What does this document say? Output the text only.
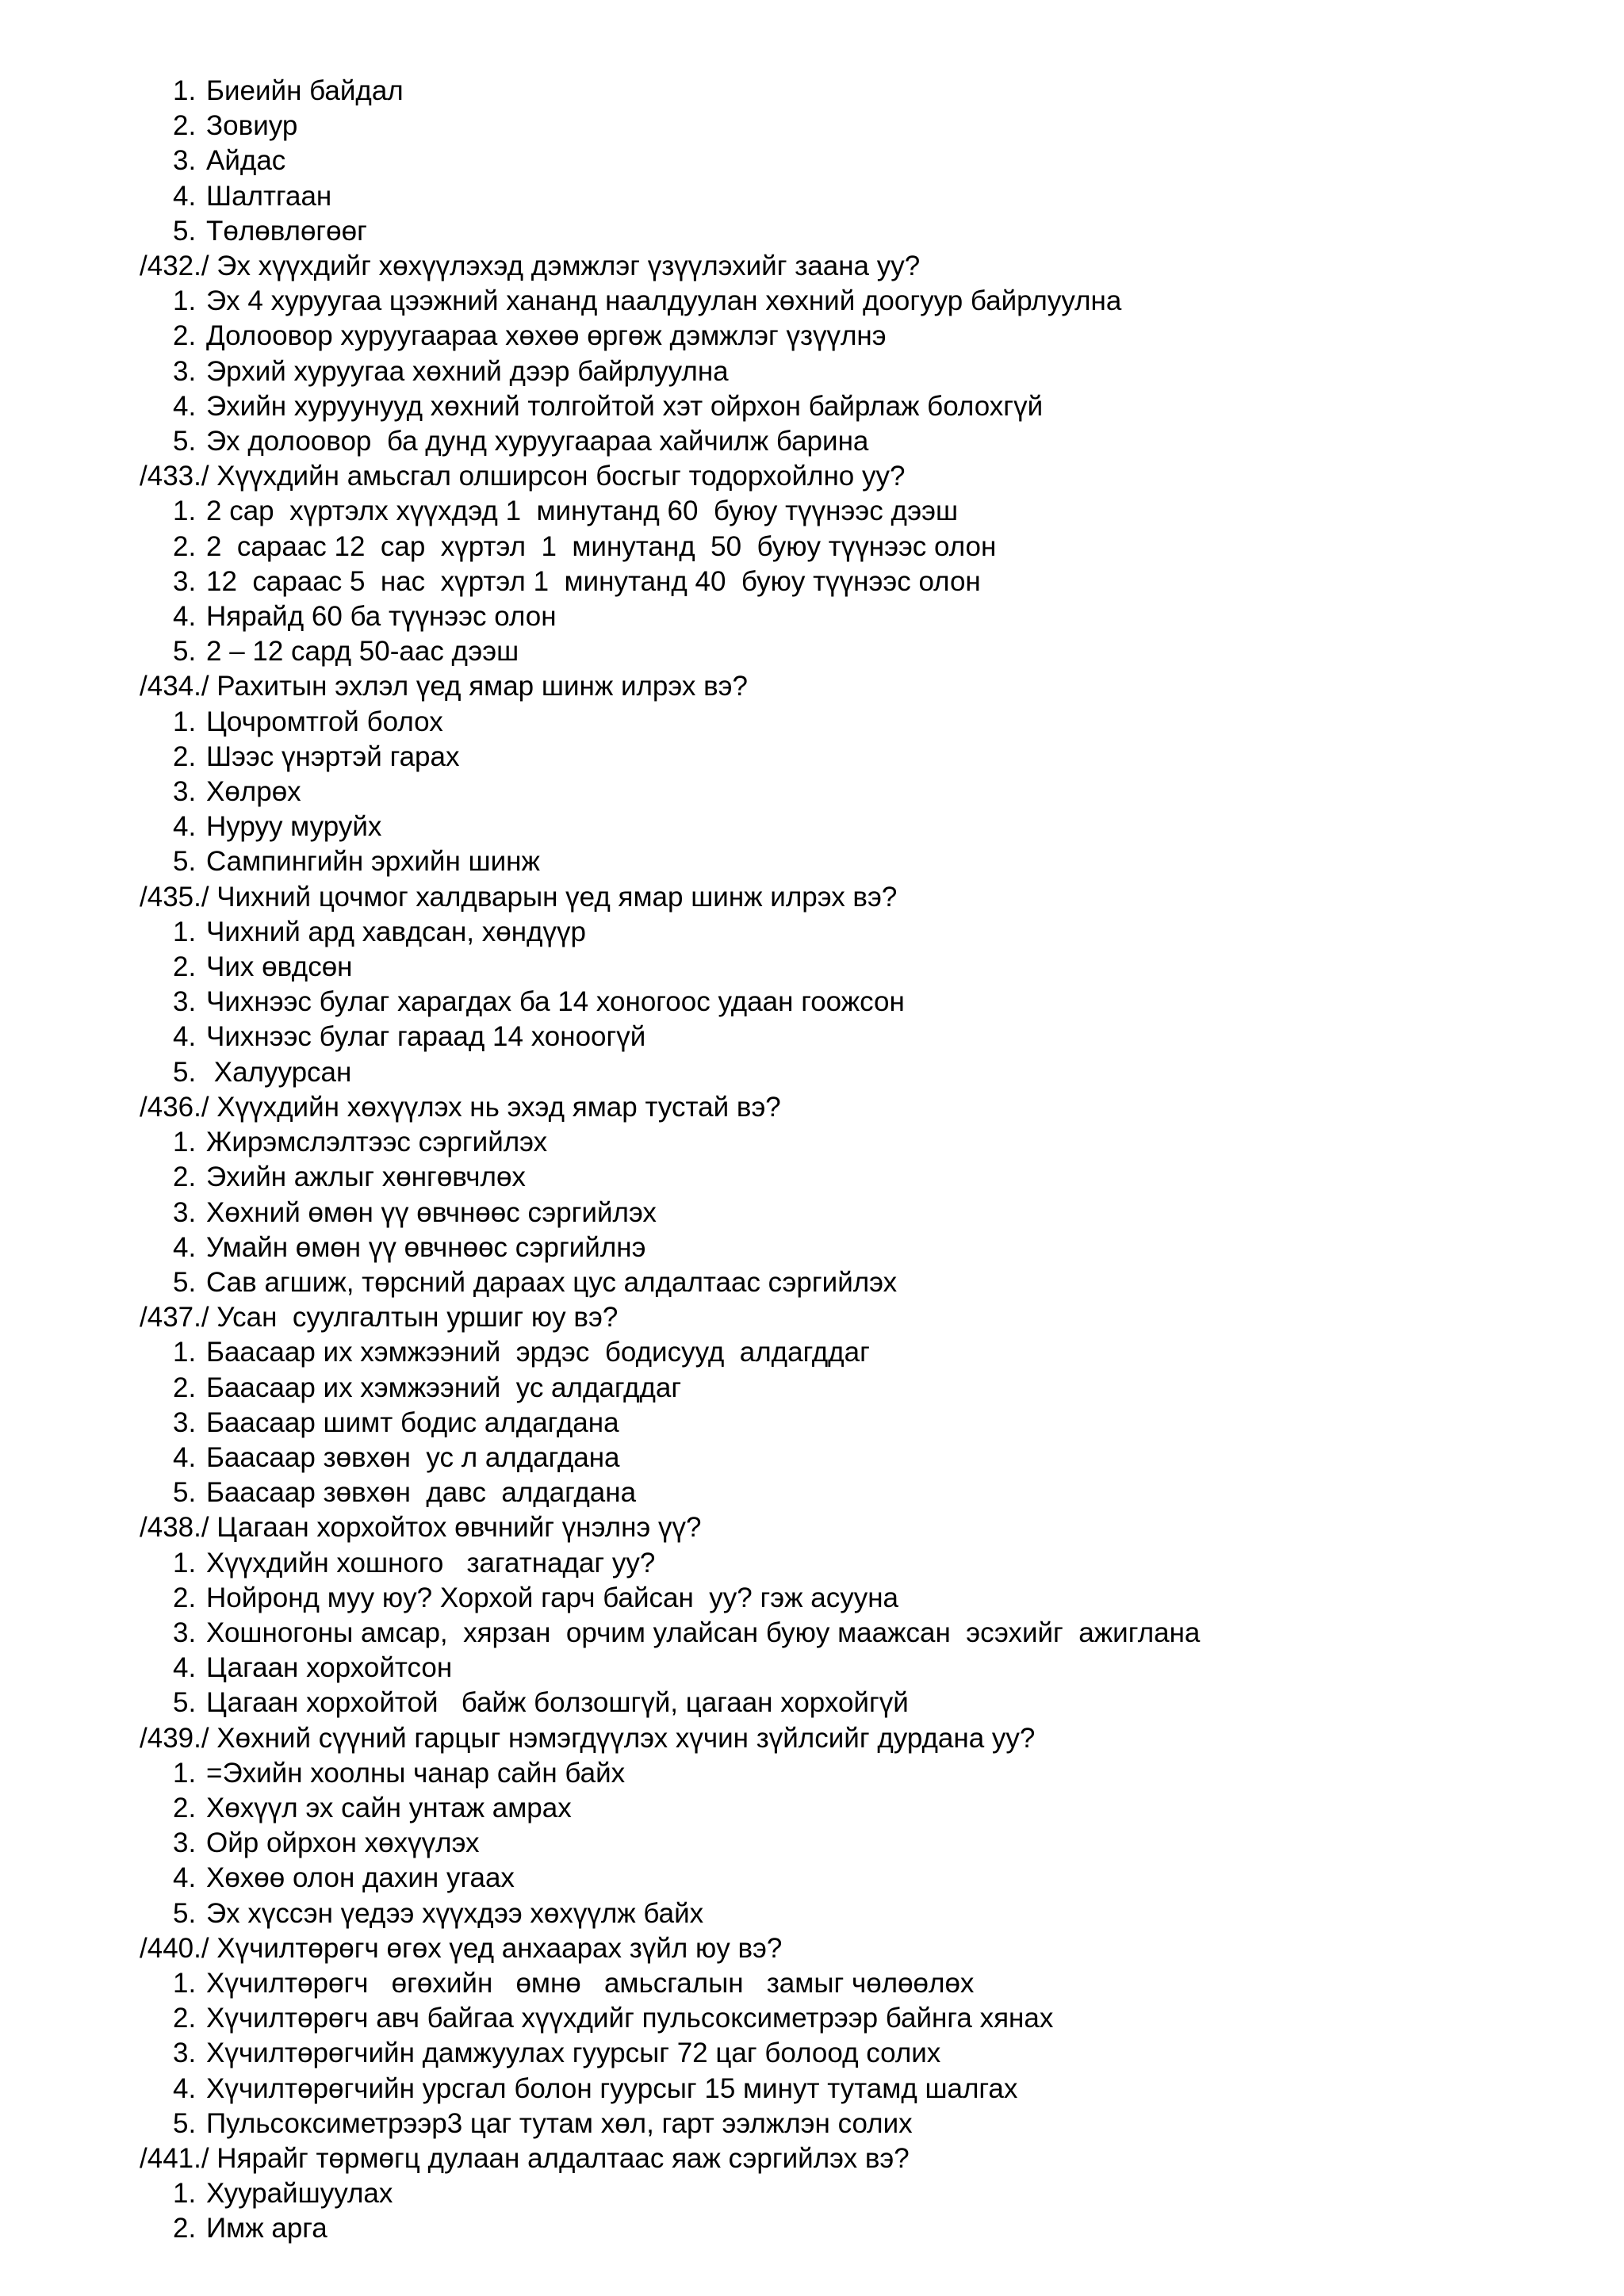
1. Биеийн байдал
2. Зовиур
3. Айдас
4. Шалтгаан
5. Төлөвлөгөөг
/432./ Эх хүүхдийг хөхүүлэхэд дэмжлэг үзүүлэхийг заана уу?
1. Эх 4 хуруугаа цээжний хананд наалдуулан хөхний доогуур байрлуулна
2. Долоовор хуруугаараа хөхөө өргөж дэмжлэг үзүүлнэ
3. Эрхий хуруугаа хөхний дээр байрлуулна
4. Эхийн хуруунууд хөхний толгойтой хэт ойрхон байрлаж болохгүй
5. Эх долоовор  ба дунд хуруугаараа хайчилж барина
/433./ Хүүхдийн амьсгал олширсон босгыг тодорхойлно уу?
1. 2 сар  хүртэлх хүүхдэд 1  минутанд 60  буюу түүнээс дээш
2. 2  сараас 12  сар  хүртэл  1  минутанд  50  буюу түүнээс олон
3. 12  сараас 5  нас  хүртэл 1  минутанд 40  буюу түүнээс олон
4. Нярайд 60 ба түүнээс олон
5. 2 – 12 сард 50-аас дээш
/434./ Рахитын эхлэл үед ямар шинж илрэх вэ?
1. Цочромтгой болох
2. Шээс үнэртэй гарах
3. Хөлрөх
4. Нуруу муруйх
5. Сампингийн эрхийн шинж
/435./ Чихний цочмог халдварын үед ямар шинж илрэх вэ?
1. Чихний ард хавдсан, хөндүүр
2. Чих өвдсөн
3. Чихнээс булаг харагдах ба 14 хоногоос удаан гоожсон
4. Чихнээс булаг гараад 14 хоноогүй
5. Халуурсан
/436./ Хүүхдийн хөхүүлэх нь эхэд ямар тустай вэ?
1. Жирэмслэлтээс сэргийлэх
2. Эхийн ажлыг хөнгөвчлөх
3. Хөхний өмөн үү өвчнөөс сэргийлэх
4. Умайн өмөн үү өвчнөөс сэргийлнэ
5. Сав агшиж, төрсний дараах цус алдалтаас сэргийлэх
/437./ Усан  суулгалтын уршиг юу вэ?
1. Баасаар их хэмжээний  эрдэс  бодисууд  алдагддаг
2. Баасаар их хэмжээний  ус алдагддаг
3. Баасаар шимт бодис алдагдана
4. Баасаар зөвхөн  ус л алдагдана
5. Баасаар зөвхөн  давс  алдагдана
/438./ Цагаан хорхойтох өвчнийг үнэлнэ үү?
1. Хүүхдийн хошного   загатнадаг уу?
2. Нойронд муу юу? Хорхой гарч байсан  уу? гэж асууна
3. Хошногоны амсар,  хярзан  орчим улайсан буюу маажсан  эсэхийг  ажиглана
4. Цагаан хорхойтсон
5. Цагаан хорхойтой   байж болзошгүй, цагаан хорхойгүй
/439./ Хөхний сүүний гарцыг нэмэгдүүлэх хүчин зүйлсийг дурдана уу?
1. =Эхийн хоолны чанар сайн байх
2. Хөхүүл эх сайн унтаж амрах
3. Ойр ойрхон хөхүүлэх
4. Хөхөө олон дахин угаах
5. Эх хүссэн үедээ хүүхдээ хөхүүлж байх
/440./ Хүчилтөрөгч өгөх үед анхаарах зүйл юу вэ?
1. Хүчилтөрөгч   өгөхийн   өмнө   амьсгалын   замыг чөлөөлөх
2. Хүчилтөрөгч авч байгаа хүүхдийг пульсоксиметрээр байнга хянах
3. Хүчилтөрөгчийн дамжуулах гуурсыг 72 цаг болоод солих
4. Хүчилтөрөгчийн урсгал болон гуурсыг 15 минут тутамд шалгах
5. Пульсоксиметрээр3 цаг тутам хөл, гарт ээлжлэн солих
/441./ Нярайг төрмөгц дулаан алдалтаас яаж сэргийлэх вэ?
1. Хуурайшуулах
2. Имж арга
